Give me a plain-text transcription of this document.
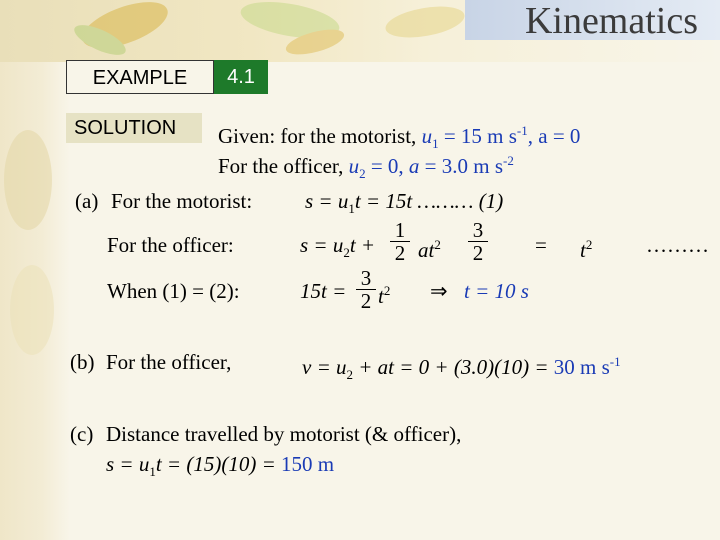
Kinematics
EXAMPLE	4.1
SOLUTION	Given: for the motorist, $u_1 = 15$ m $s^{-1}$, a = 0
For the officer, $u_2 = 0$, a = 3.0 m $s^{-2}$
(a) For the motorist:	$s = u_1t = 15t$ ……… (1)
For the officer:	$s = u_2t + \frac{1}{2} at^2 \frac{3}{2} = t^2$	………
When (1) = (2):	$15t = \frac{3}{2} t^2$ ⇒ t = 10 s
(b) For the officer,	$v = u_2$ + at = 0 + (3.0)(10) = 30 m $s^{-1}$
(c) Distance travelled by motorist (& officer),
$s = u_1t = (15)(10) = 150$ m
